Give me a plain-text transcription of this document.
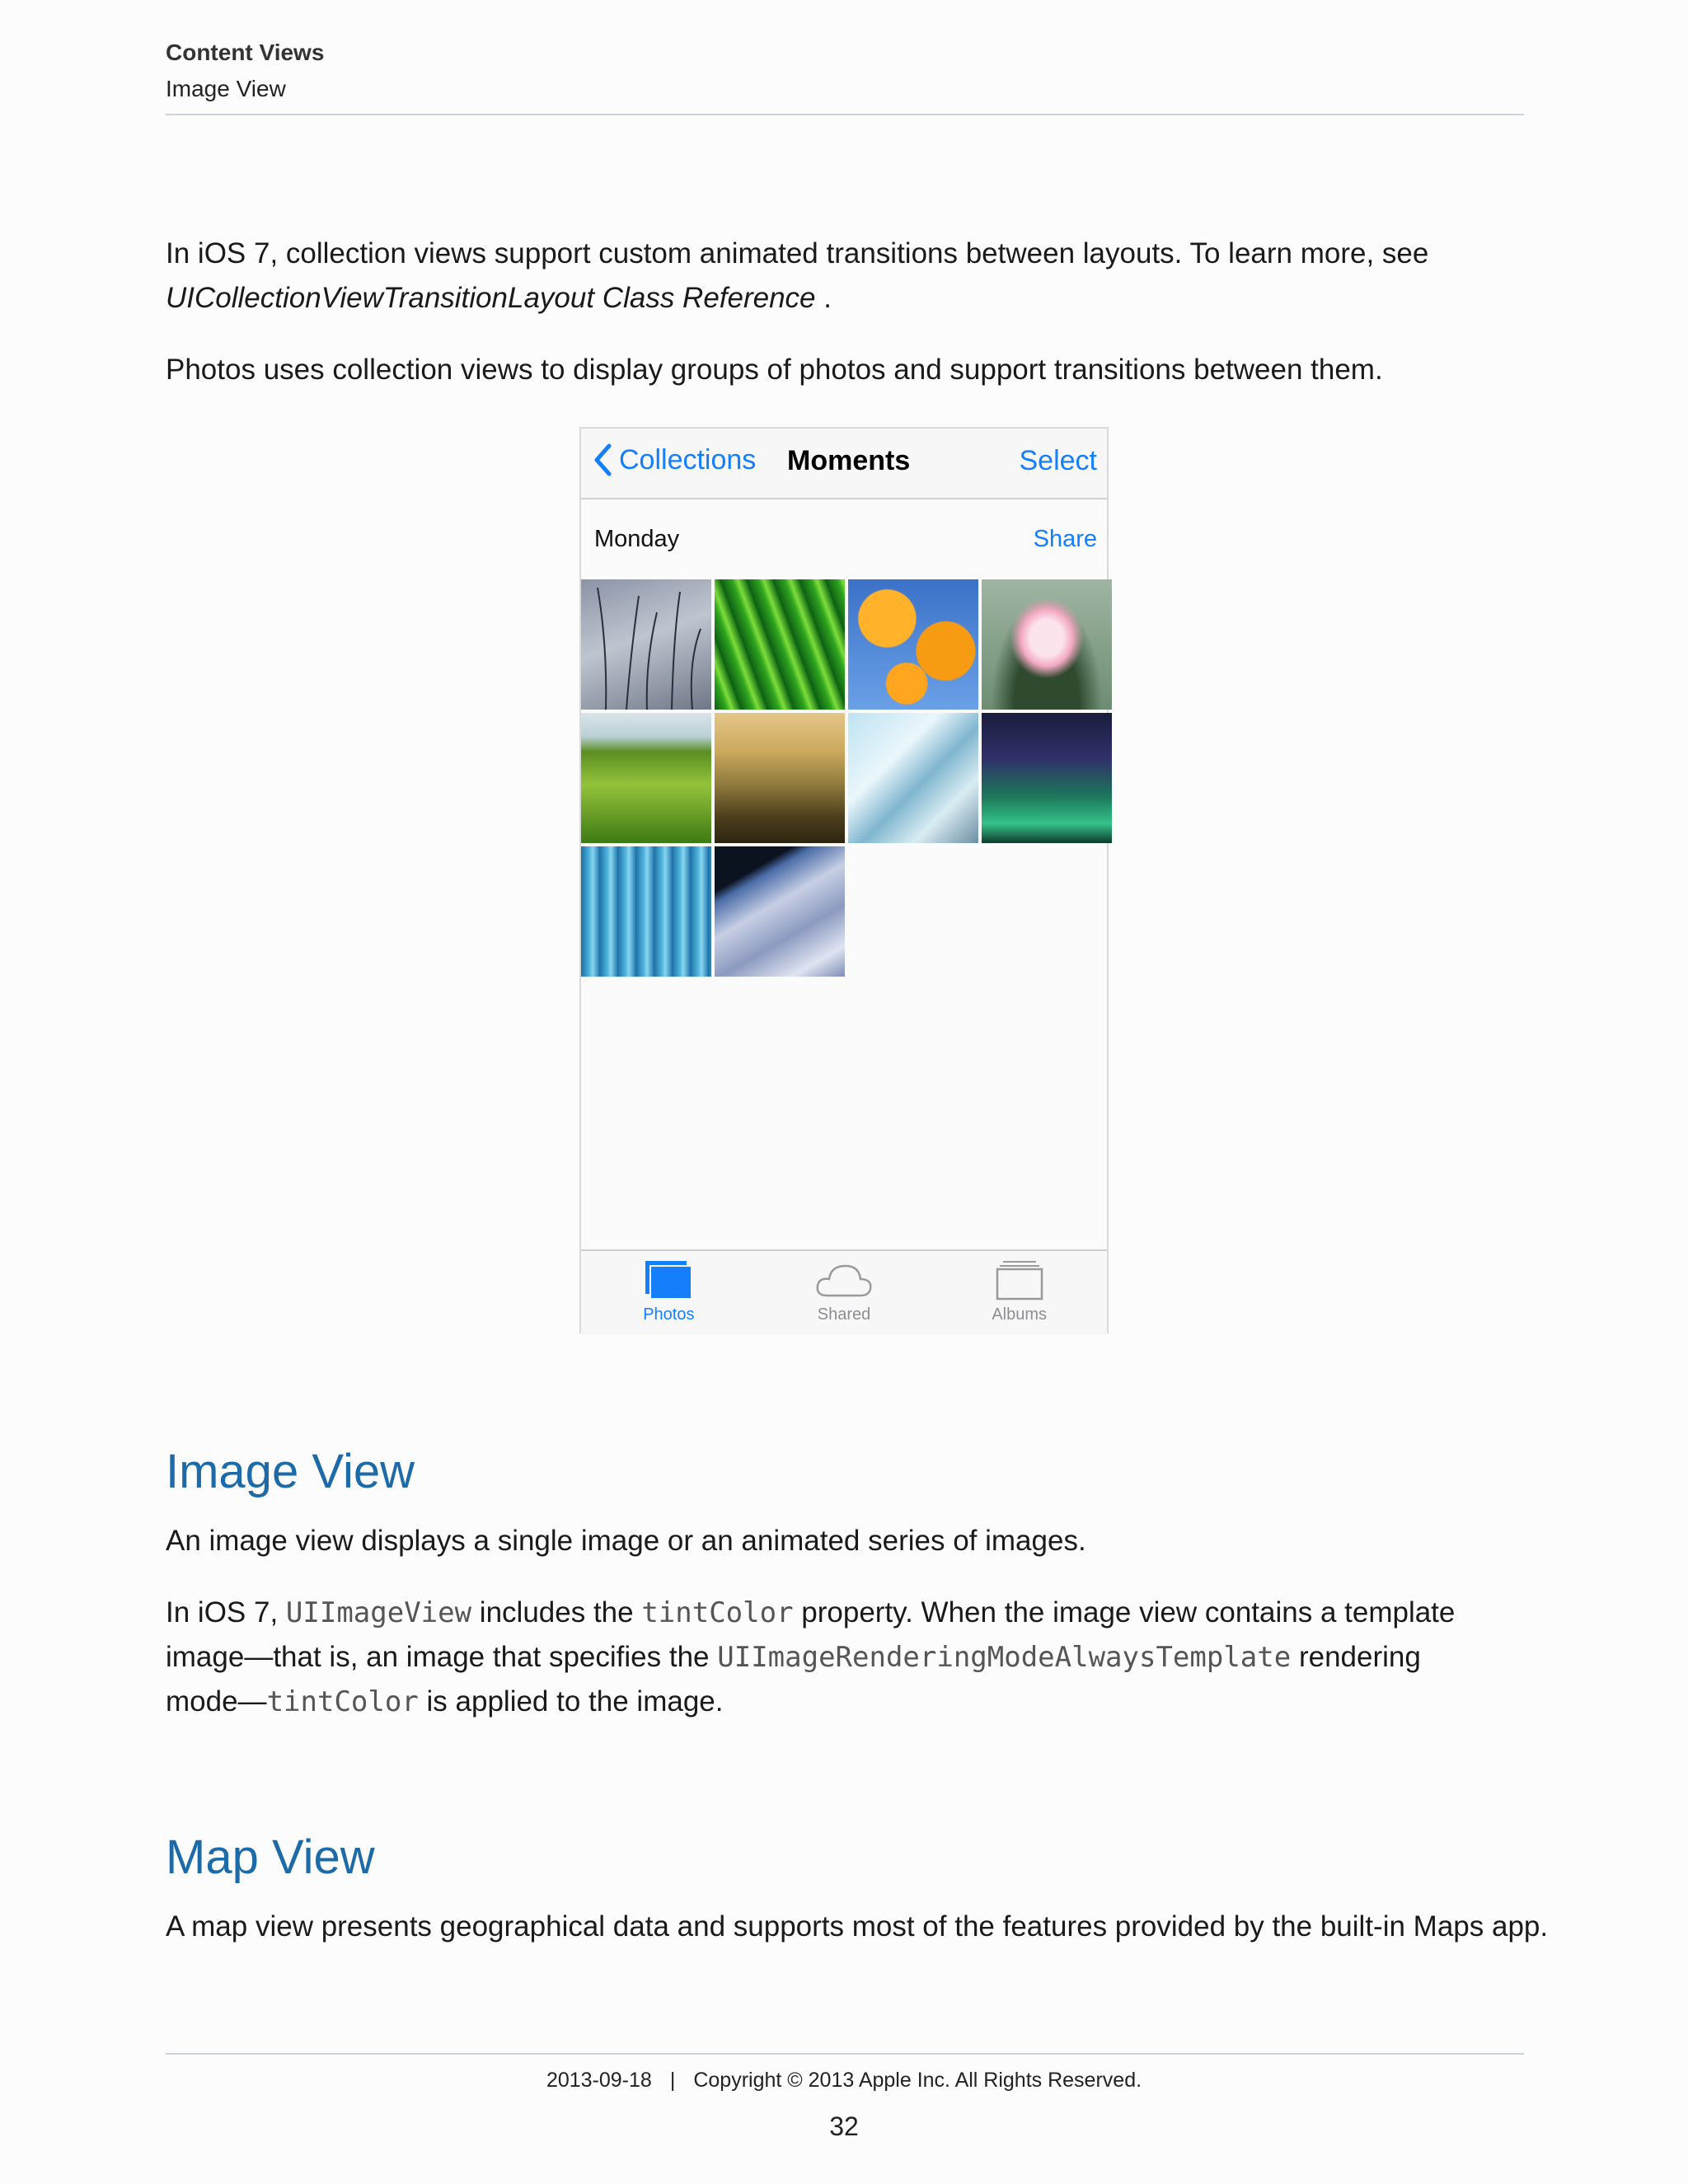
Content Views
Image View
In iOS 7, collection views support custom animated transitions between layouts. To learn more, see
UICollectionViewTransitionLayout Class Reference .
Photos uses collection views to display groups of photos and support transitions between them.
Collections Moments	Select
Monday	Share
Photos	Shared	Albums
Image View
An image view displays a single image or an animated series of images.
In iOS 7, UIImageView includes the tintColor property. When the image view contains a template
image—that is, an image that specifies the UIImageRenderingModeAlwaysTemplate rendering
mode—tintColor is applied to the image.
Map View
A map view presents geographical data and supports most of the features provided by the built-in Maps app.
2013-09-18 | Copyright © 2013 Apple Inc. All Rights Reserved.
32
